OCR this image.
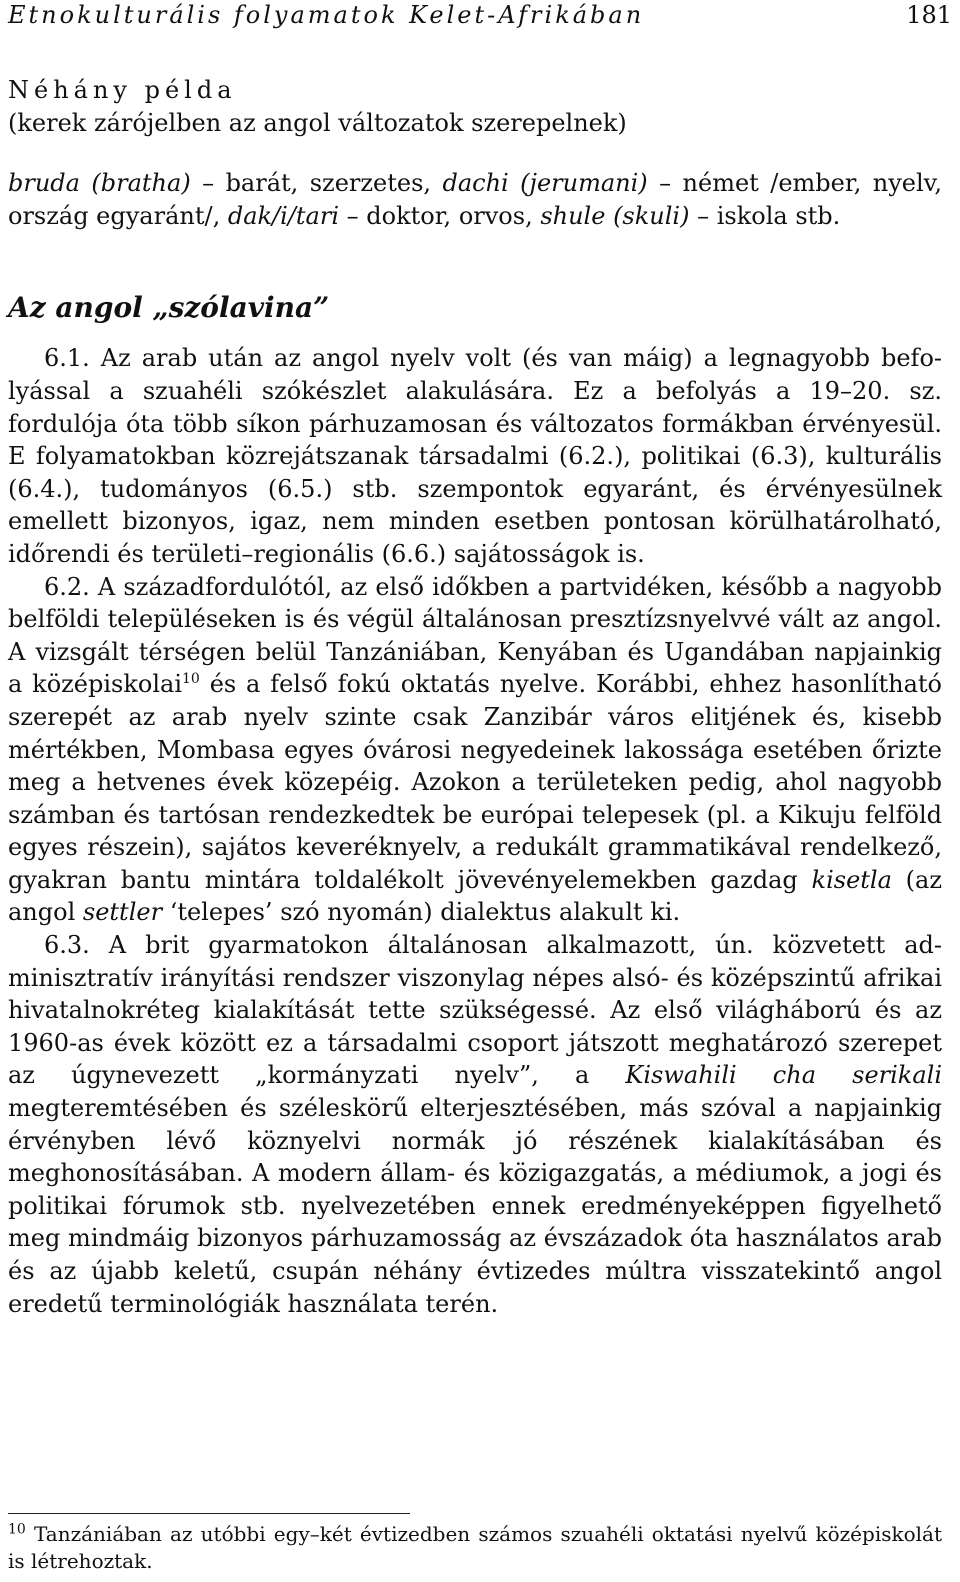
Etnokulturális folyamatok Kelet-Afrikában	181

Néhány példa

(kerek zárójelben az angol változatok szerepelnek)

bruda (bratha) – barát, szerzetes, dachi (jerumani) – német /ember, nyelv, ország egyaránt/, dak/i/tari – doktor, orvos, shule (skuli) – iskola stb.

Az angol „szólavina”

6.1. Az arab után az angol nyelv volt (és van máig) a legnagyobb befolyással a szuahéli szókészlet alakulására. Ez a befolyás a 19–20. sz. fordulója óta több síkon párhuzamosan és változatos formákban érvényesül. E folyamatokban közrejátszanak társadalmi (6.2.), politikai (6.3), kulturális (6.4.), tudományos (6.5.) stb. szempontok egyaránt, és érvényesülnek emellett bizonyos, igaz, nem minden esetben pontosan körülhatárolható, időrendi és területi–regionális (6.6.) sajátosságok is.

6.2. A századfordulótól, az első időkben a partvidéken, később a nagyobb belföldi településeken is és végül általánosan presztízsnyelvvé vált az angol. A vizsgált térségen belül Tanzániában, Kenyában és Ugandában napjainkig a középiskolai$^{10}$ és a felső fokú oktatás nyelve. Korábbi, ehhez hasonlítható szerepét az arab nyelv szinte csak Zanzibár város elitjének és, kisebb mértékben, Mombasa egyes óvárosi negyedeinek lakossága esetében őrizte meg a hetvenes évek közepéig. Azokon a területeken pedig, ahol nagyobb számban és tartósan rendezkedtek be európai telepesek (pl. a Kikuju felföld egyes részein), sajátos keveréknyelv, a redukált grammatikával rendelkező, gyakran bantu mintára toldalékolt jövevényelemekben gazdag kisetla (az angol settler ‘telepes’ szó nyomán) dialektus alakult ki.

6.3. A brit gyarmatokon általánosan alkalmazott, ún. közvetett adminisztratív irányítási rendszer viszonylag népes alsó- és középszintű afrikai hivatalnokréteg kialakítását tette szükségessé. Az első világháború és az 1960-as évek között ez a társadalmi csoport játszott meghatározó szerepet az úgynevezett „kormányzati nyelv”, a Kiswahili cha serikali megteremtésében és széleskörű elterjesztésében, más szóval a napjainkig érvényben lévő köznyelvi normák jó részének kialakításában és meghonosításában. A modern állam- és közigazgatás, a médiumok, a jogi és politikai fórumok stb. nyelvezetében ennek eredményeképpen figyelhető meg mindmáig bizonyos párhuzamosság az évszázadok óta használatos arab és az újabb keletű, csupán néhány évtizedes múltra visszatekintő angol eredetű terminológiák használata terén.

$^{10}$ Tanzániában az utóbbi egy–két évtizedben számos szuahéli oktatási nyelvű középiskolát is létrehoztak.
